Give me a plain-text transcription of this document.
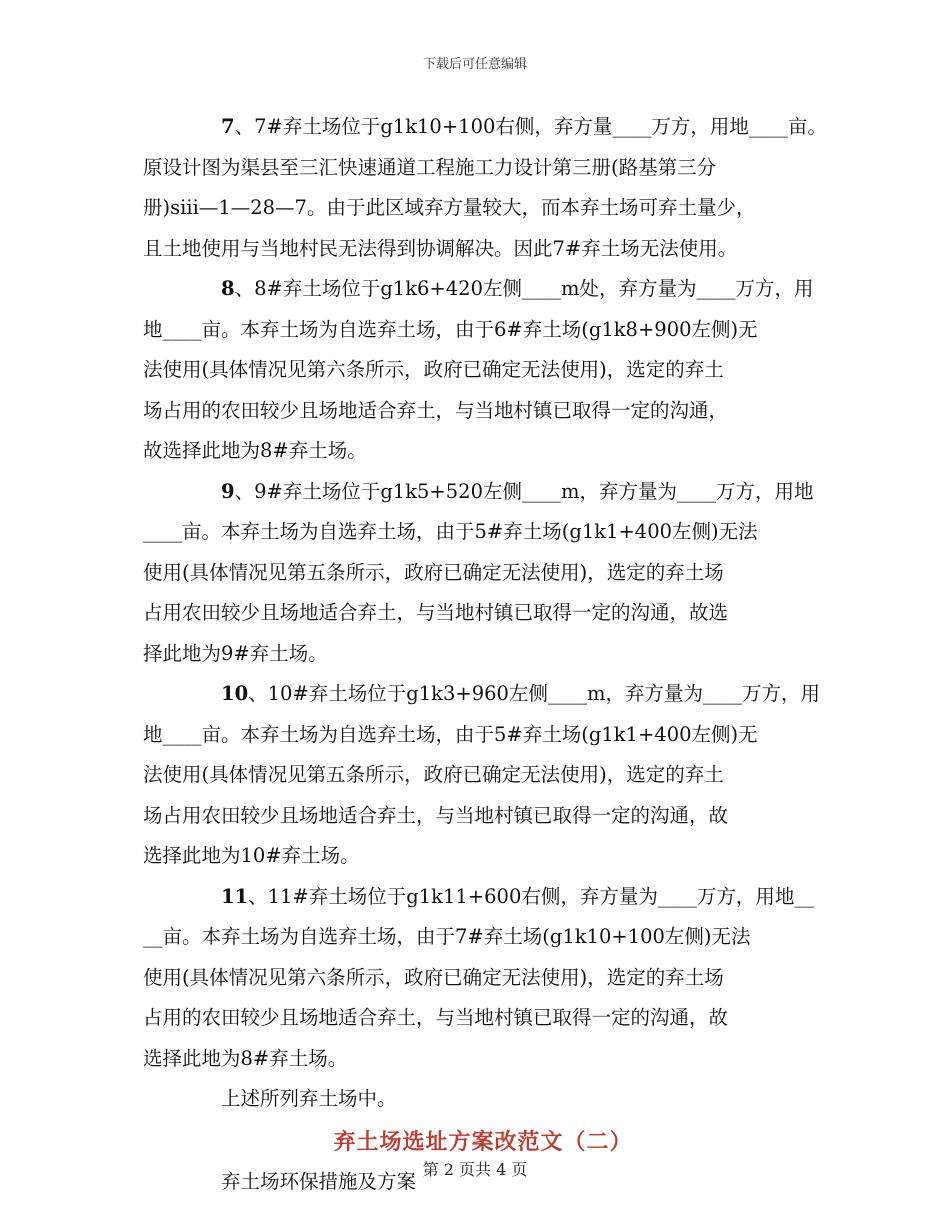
下载后可任意编辑
7、7#弃土场位于g1k10+100右侧，弃方量____万方，用地____亩。
原设计图为渠县至三汇快速通道工程施工力设计第三册(路基第三分
册)siii—1—28—7。由于此区域弃方量较大，而本弃土场可弃土量少，
且土地使用与当地村民无法得到协调解决。因此7#弃土场无法使用。
8、8#弃土场位于g1k6+420左侧____m处，弃方量为____万方，用
地____亩。本弃土场为自选弃土场，由于6#弃土场(g1k8+900左侧)无
法使用(具体情况见第六条所示，政府已确定无法使用)，选定的弃土
场占用的农田较少且场地适合弃土，与当地村镇已取得一定的沟通，
故选择此地为8#弃土场。
9、9#弃土场位于g1k5+520左侧____m，弃方量为____万方，用地
____亩。本弃土场为自选弃土场，由于5#弃土场(g1k1+400左侧)无法
使用(具体情况见第五条所示，政府已确定无法使用)，选定的弃土场
占用农田较少且场地适合弃土，与当地村镇已取得一定的沟通，故选
择此地为9#弃土场。
10、10#弃土场位于g1k3+960左侧____m，弃方量为____万方，用
地____亩。本弃土场为自选弃土场，由于5#弃土场(g1k1+400左侧)无
法使用(具体情况见第五条所示，政府已确定无法使用)，选定的弃土
场占用农田较少且场地适合弃土，与当地村镇已取得一定的沟通，故
选择此地为10#弃土场。
11、11#弃土场位于g1k11+600右侧，弃方量为____万方，用地__
__亩。本弃土场为自选弃土场，由于7#弃土场(g1k10+100左侧)无法
使用(具体情况见第六条所示，政府已确定无法使用)，选定的弃土场
占用的农田较少且场地适合弃土，与当地村镇已取得一定的沟通，故
选择此地为8#弃土场。
上述所列弃土场中。
弃土场选址方案改范文（二）
弃土场环保措施及方案 第 2 页共 4 页
